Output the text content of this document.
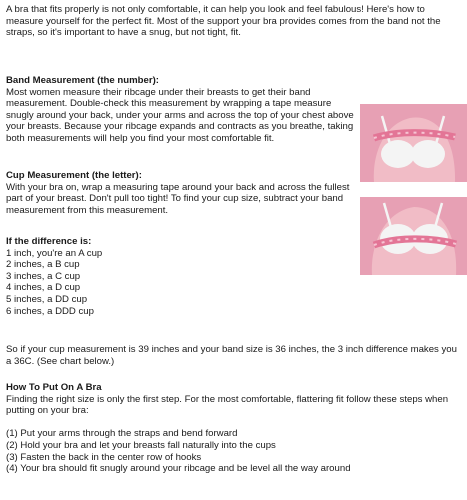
A bra that fits properly is not only comfortable, it can help you look and feel fabulous! Here's how to measure yourself for the perfect fit. Most of the support your bra provides comes from the band not the straps, so it's important to have a snug, but not tight, fit.

Band Measurement (the number):

Most women measure their ribcage under their breasts to get their band measurement. Double-check this measurement by wrapping a tape measure snugly around your back, under your arms and across the top of your chest above your breasts. Because your ribcage expands and contracts as you breathe, taking both measurements will help you find your most comfortable fit.

Cup Measurement (the letter):

With your bra on, wrap a measuring tape around your back and across the fullest part of your breast. Don't pull too tight! To find your cup size, subtract your band measurement from this measurement.

If the difference is:

1 inch, you're an A cup

2 inches, a B cup

3 inches, a C cup

4 inches, a D cup

5 inches, a DD cup

6 inches, a DDD cup

So if your cup measurement is 39 inches and your band size is 36 inches, the 3 inch difference makes you a 36C. (See chart below.)

How To Put On A Bra

Finding the right size is only the first step. For the most comfortable, flattering fit follow these steps when putting on your bra:

(1) Put your arms through the straps and bend forward

(2) Hold your bra and let your breasts fall naturally into the cups

(3) Fasten the back in the center row of hooks

(4) Your bra should fit snugly around your ribcage and be level all the way around
